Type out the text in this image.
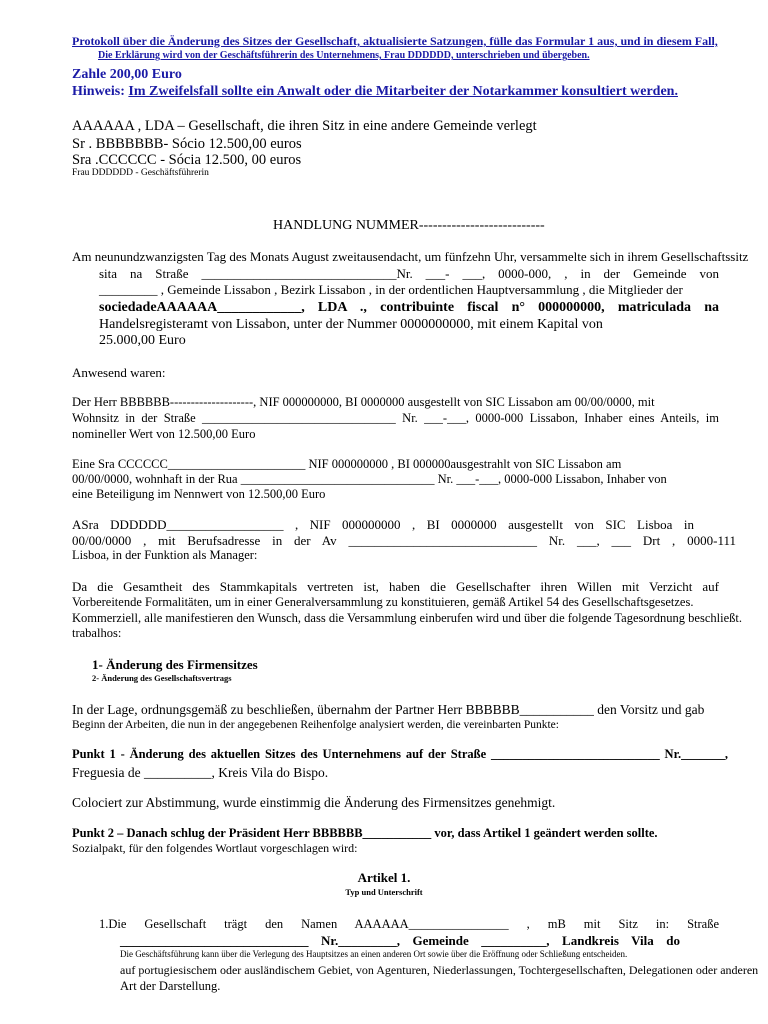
Protokoll über die Änderung des Sitzes der Gesellschaft, aktualisierte Satzungen, fülle das Formular 1 aus, und in diesem Fall,
Die Erklärung wird von der Geschäftsführerin des Unternehmens, Frau DDDDDD, unterschrieben und übergeben.
Zahle 200,00 Euro
Hinweis: Im Zweifelsfall sollte ein Anwalt oder die Mitarbeiter der Notarkammer konsultiert werden.
AAAAAA , LDA – Gesellschaft, die ihren Sitz in eine andere Gemeinde verlegt
Sr . BBBBBBB- Sócio 12.500,00 euros
Sra .CCCCCC - Sócia 12.500, 00 euros
Frau DDDDDD - Geschäftsführerin
HANDLUNG NUMMER---------------------------
Am neunundzwanzigsten Tag des Monats August zweitausendacht, um fünfzehn Uhr, versammelte sich in ihrem Gesellschaftssitz
sita na Straße ______________________________Nr. ___- ___, 0000-000, , in der Gemeinde von
_________ , Gemeinde Lissabon , Bezirk Lissabon , in der ordentlichen Hauptversammlung , die Mitglieder der
sociedadeAAAAAA____________, LDA ., contribuinte fiscal n° 000000000, matriculada na
Handelsregisteramt von Lissabon, unter der Nummer 0000000000, mit einem Kapital von
25.000,00 Euro
Anwesend waren:
Der Herr BBBBBB--------------------, NIF 000000000, BI 0000000 ausgestellt von SIC Lissabon am 00/00/0000, mit
Wohnsitz in der Straße _______________________________ Nr. ___-___, 0000-000 Lissabon, Inhaber eines Anteils, im
nomineller Wert von 12.500,00 Euro
Eine Sra CCCCCC______________________ NIF 000000000 , BI 000000ausgestrahlt von SIC Lissabon am
00/00/0000, wohnhaft in der Rua _______________________________ Nr. ___-___, 0000-000 Lissabon, Inhaber von
eine Beteiligung im Nennwert von 12.500,00 Euro
ASra DDDDDD__________________ , NIF 000000000 , BI 0000000 ausgestellt von SIC Lisboa in
00/00/0000 , mit Berufsadresse in der Av _____________________________ Nr. ___, ___ Drt , 0000-111
Lisboa, in der Funktion als Manager:
Da die Gesamtheit des Stammkapitals vertreten ist, haben die Gesellschafter ihren Willen mit Verzicht auf
Vorbereitende Formalitäten, um in einer Generalversammlung zu konstituieren, gemäß Artikel 54 des Gesellschaftsgesetzes.
Kommerziell, alle manifestieren den Wunsch, dass die Versammlung einberufen wird und über die folgende Tagesordnung beschließt.
trabalhos:
1- Änderung des Firmensitzes
2- Änderung des Gesellschaftsvertrags
In der Lage, ordnungsgemäß zu beschließen, übernahm der Partner Herr BBBBBB___________ den Vorsitz und gab
Beginn der Arbeiten, die nun in der angegebenen Reihenfolge analysiert werden, die vereinbarten Punkte:
Punkt 1 - Änderung des aktuellen Sitzes des Unternehmens auf der Straße ___________________________ Nr._______,
Freguesia de __________, Kreis Vila do Bispo.
Colociert zur Abstimmung, wurde einstimmig die Änderung des Firmensitzes genehmigt.
Punkt 2 – Danach schlug der Präsident Herr BBBBBB___________ vor, dass Artikel 1 geändert werden sollte.
Sozialpakt, für den folgendes Wortlaut vorgeschlagen wird:
Artikel 1.
Typ und Unterschrift
1.Die Gesellschaft trägt den Namen AAAAAA________________ , mB mit Sitz in: Straße
_____________________________ Nr._________, Gemeinde __________, Landkreis Vila do
Die Geschäftsführung kann über die Verlegung des Hauptsitzes an einen anderen Ort sowie über die Eröffnung oder Schließung entscheiden.
auf portugiesischem oder ausländischem Gebiet, von Agenturen, Niederlassungen, Tochtergesellschaften, Delegationen oder anderen
Art der Darstellung.
